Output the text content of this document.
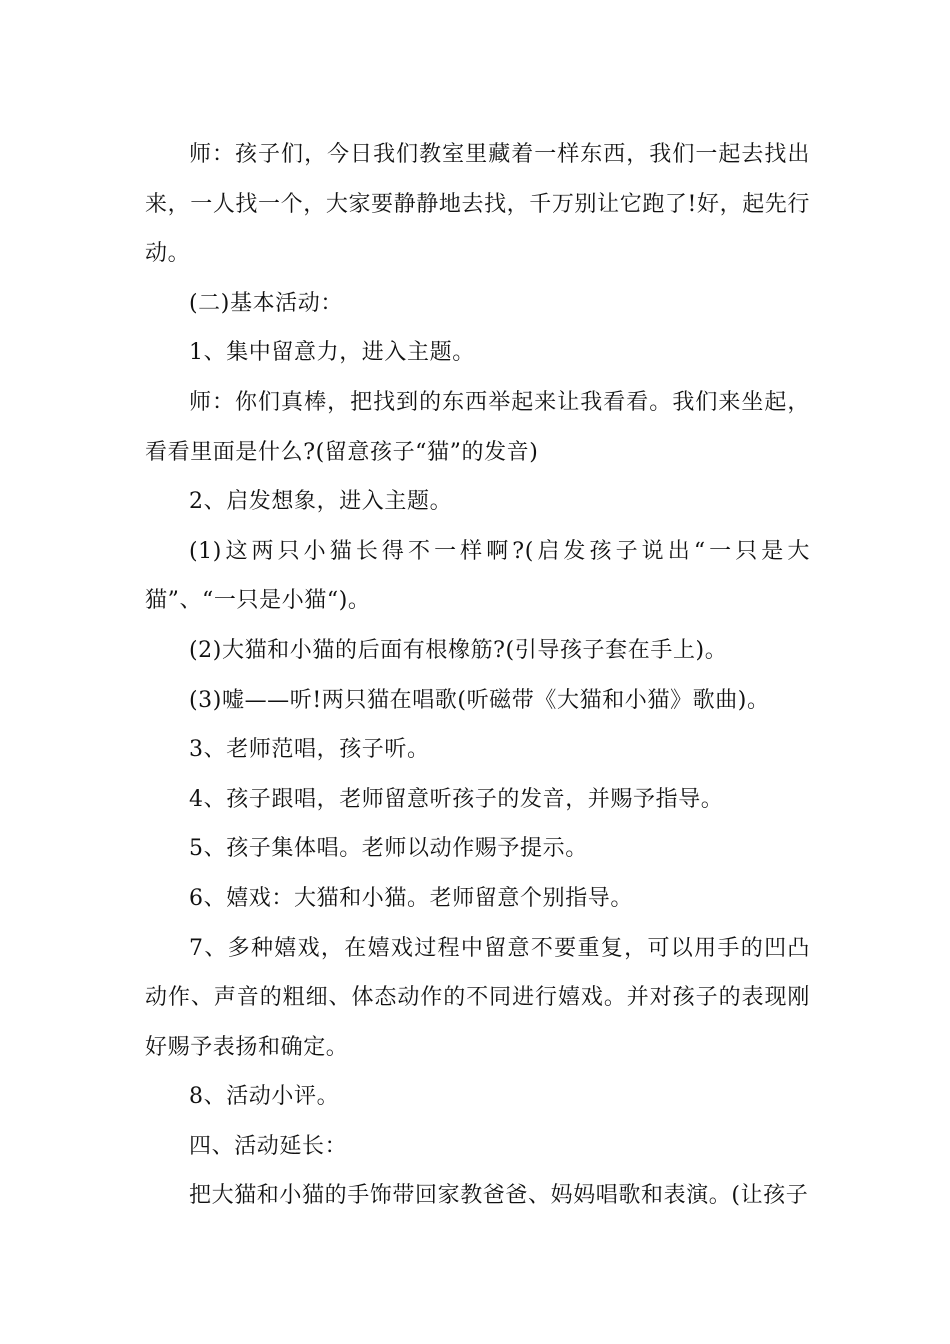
师：孩子们，今日我们教室里藏着一样东西，我们一起去找出来，一人找一个，大家要静静地去找，千万别让它跑了!好，起先行动。

(二)基本活动：

1、集中留意力，进入主题。

师：你们真棒，把找到的东西举起来让我看看。我们来坐起，看看里面是什么?(留意孩子“猫”的发音)

2、启发想象，进入主题。

(1)这两只小猫长得不一样啊?(启发孩子说出“一只是大猫”、“一只是小猫“)。

(2)大猫和小猫的后面有根橡筋?(引导孩子套在手上)。

(3)嘘——听!两只猫在唱歌(听磁带《大猫和小猫》歌曲)。

3、老师范唱，孩子听。

4、孩子跟唱，老师留意听孩子的发音，并赐予指导。

5、孩子集体唱。老师以动作赐予提示。

6、嬉戏：大猫和小猫。老师留意个别指导。

7、多种嬉戏，在嬉戏过程中留意不要重复，可以用手的凹凸动作、声音的粗细、体态动作的不同进行嬉戏。并对孩子的表现刚好赐予表扬和确定。

8、活动小评。

四、活动延长：

把大猫和小猫的手饰带回家教爸爸、妈妈唱歌和表演。(让孩子
